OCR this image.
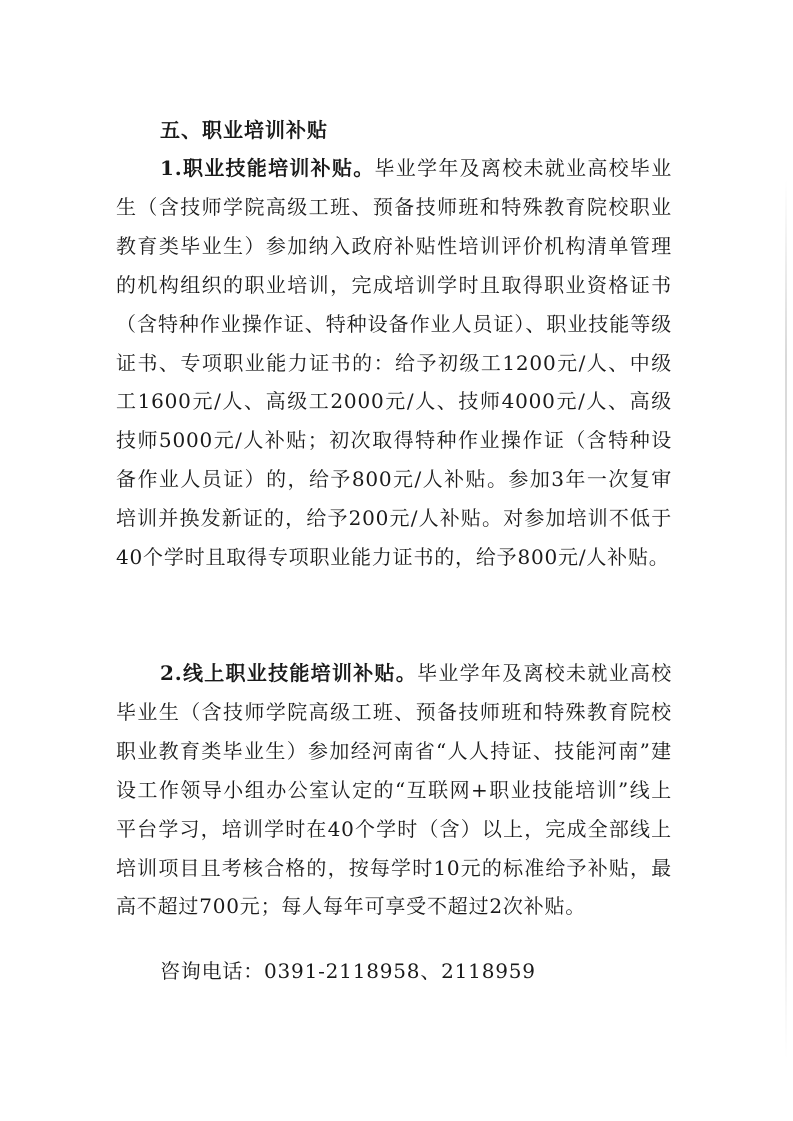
五、职业培训补贴

1.职业技能培训补贴。毕业学年及离校未就业高校毕业生（含技师学院高级工班、预备技师班和特殊教育院校职业教育类毕业生）参加纳入政府补贴性培训评价机构清单管理的机构组织的职业培训，完成培训学时且取得职业资格证书（含特种作业操作证、特种设备作业人员证）、职业技能等级证书、专项职业能力证书的：给予初级工1200元/人、中级工1600元/人、高级工2000元/人、技师4000元/人、高级技师5000元/人补贴；初次取得特种作业操作证（含特种设备作业人员证）的，给予800元/人补贴。参加3年一次复审培训并换发新证的，给予200元/人补贴。对参加培训不低于40个学时且取得专项职业能力证书的，给予800元/人补贴。

2.线上职业技能培训补贴。毕业学年及离校未就业高校毕业生（含技师学院高级工班、预备技师班和特殊教育院校职业教育类毕业生）参加经河南省“人人持证、技能河南”建设工作领导小组办公室认定的“互联网+职业技能培训”线上平台学习，培训学时在40个学时（含）以上，完成全部线上培训项目且考核合格的，按每学时10元的标准给予补贴，最高不超过700元；每人每年可享受不超过2次补贴。

咨询电话：0391-2118958、2118959
